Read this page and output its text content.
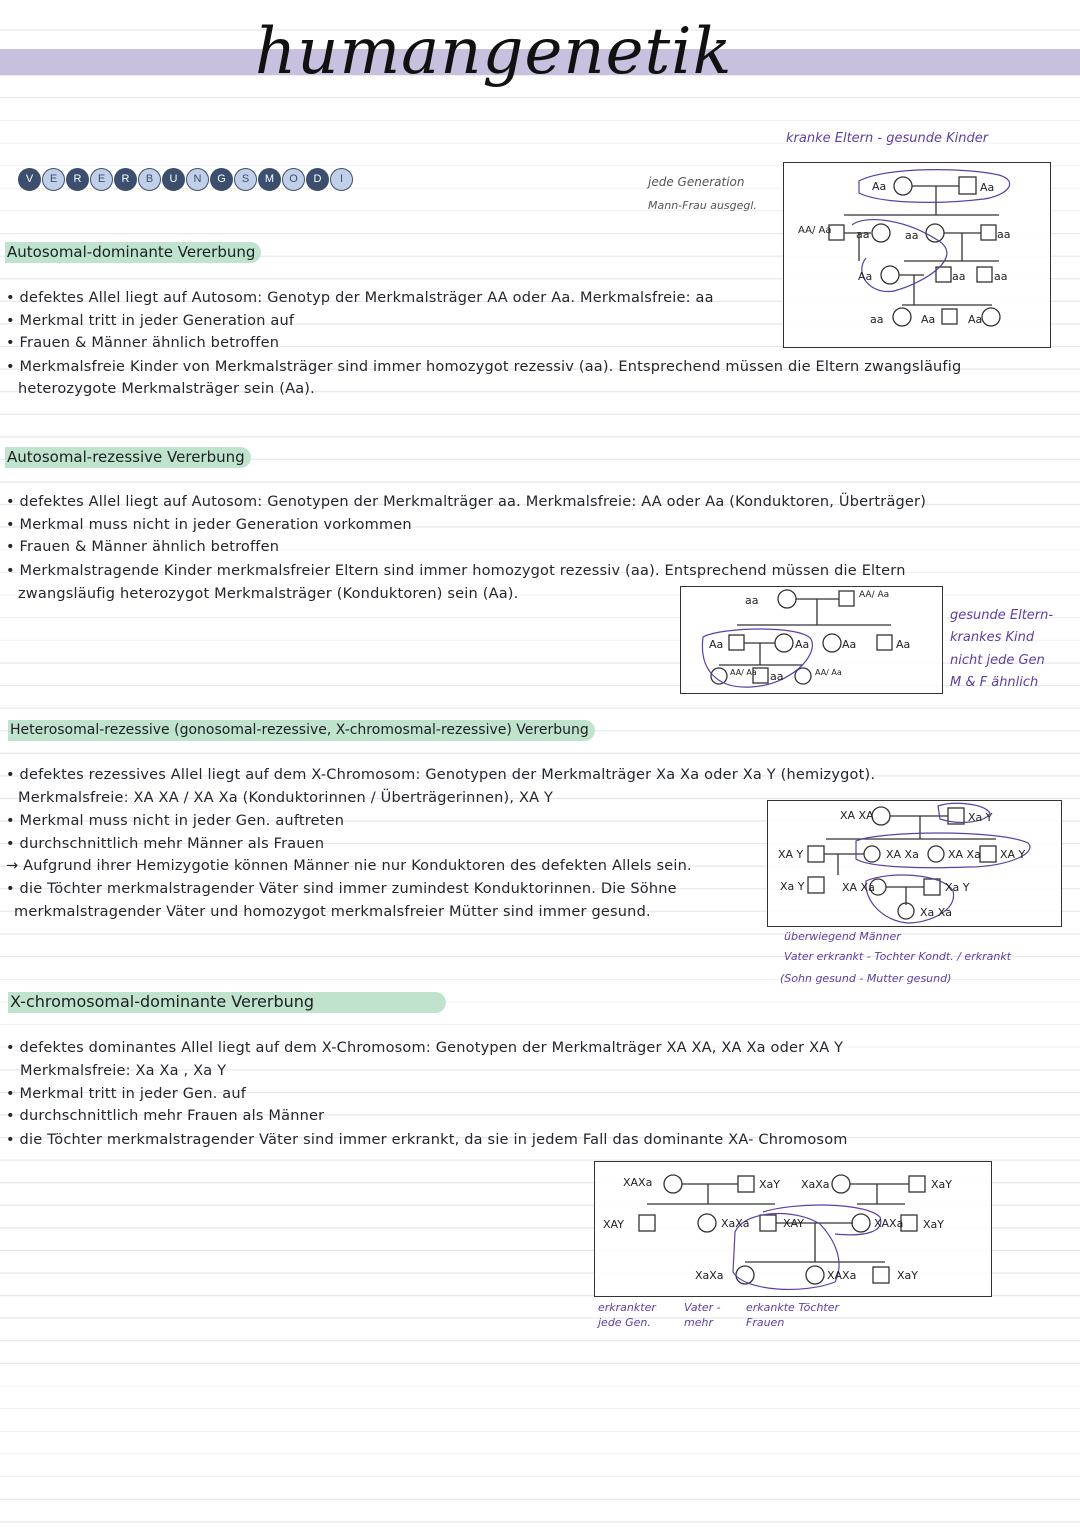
humangenetik
V	E	R	E	R	B	U	N	G	S	M	O	D	I	jede Generation
Mann-Frau ausgegl.
kranke Eltern - gesunde Kinder
Aa	Aa
AA/ Aa aa	aa	aa
Aa	aa	aa
aa	Aa	Aa
Autosomal-dominante Vererbung
• defektes Allel liegt auf Autosom: Genotyp der Merkmalsträger AA oder Aa. Merkmalsfreie: aa
• Merkmal tritt in jeder Generation auf
• Frauen & Männer ähnlich betroffen
• Merkmalsfreie Kinder von Merkmalsträger sind immer homozygot rezessiv (aa). Entsprechend müssen die Eltern zwangsläufig
heterozygote Merkmalsträger sein (Aa).
Autosomal-rezessive Vererbung
• defektes Allel liegt auf Autosom: Genotypen der Merkmalträger aa. Merkmalsfreie: AA oder Aa (Konduktoren, Überträger)
• Merkmal muss nicht in jeder Generation vorkommen
• Frauen & Männer ähnlich betroffen
• Merkmalstragende Kinder merkmalsfreier Eltern sind immer homozygot rezessiv (aa). Entsprechend müssen die Eltern
zwangsläufig heterozygot Merkmalsträger (Konduktoren) sein (Aa).	aa	AA/ Aa
Aa	Aa	Aa	Aa
AA/ Aa aa	AA/ Aa
gesunde Eltern-
krankes Kind
nicht jede Gen
M & F ähnlich
Heterosomal-rezessive (gonosomal-rezessive, X-chromosmal-rezessive) Vererbung
• defektes rezessives Allel liegt auf dem X-Chromosom: Genotypen der Merkmalträger Xa Xa oder Xa Y (hemizygot).
Merkmalsfreie: XA XA / XA Xa (Konduktorinnen / Überträgerinnen), XA Y
• Merkmal muss nicht in jeder Gen. auftreten
• durchschnittlich mehr Männer als Frauen
→ Aufgrund ihrer Hemizygotie können Männer nie nur Konduktoren des defekten Allels sein.
• die Töchter merkmalstragender Väter sind immer zumindest Konduktorinnen. Die Söhne
merkmalstragender Väter und homozygot merkmalsfreier Mütter sind immer gesund.
XA XA	Xa Y
XA Y	XA Xa	XA Xa XA Y
Xa Y	XA Xa	Xa Y
Xa Xa
überwiegend Männer
Vater erkrankt - Tochter Kondt. / erkrankt
(Sohn gesund - Mutter gesund)
X-chromosomal-dominante Vererbung
• defektes dominantes Allel liegt auf dem X-Chromosom: Genotypen der Merkmalträger XA XA, XA Xa oder XA Y
Merkmalsfreie: Xa Xa , Xa Y
• Merkmal tritt in jeder Gen. auf
• durchschnittlich mehr Frauen als Männer
• die Töchter merkmalstragender Väter sind immer erkrankt, da sie in jedem Fall das dominante XA- Chromosom
XAXa	XaY XaXa	XaY
XAY	XaXa	XAY	XAXa XaY
XaXa	XAXa	XaY
erkrankter jede Gen.
Vater - mehr
erkankte Töchter Frauen
